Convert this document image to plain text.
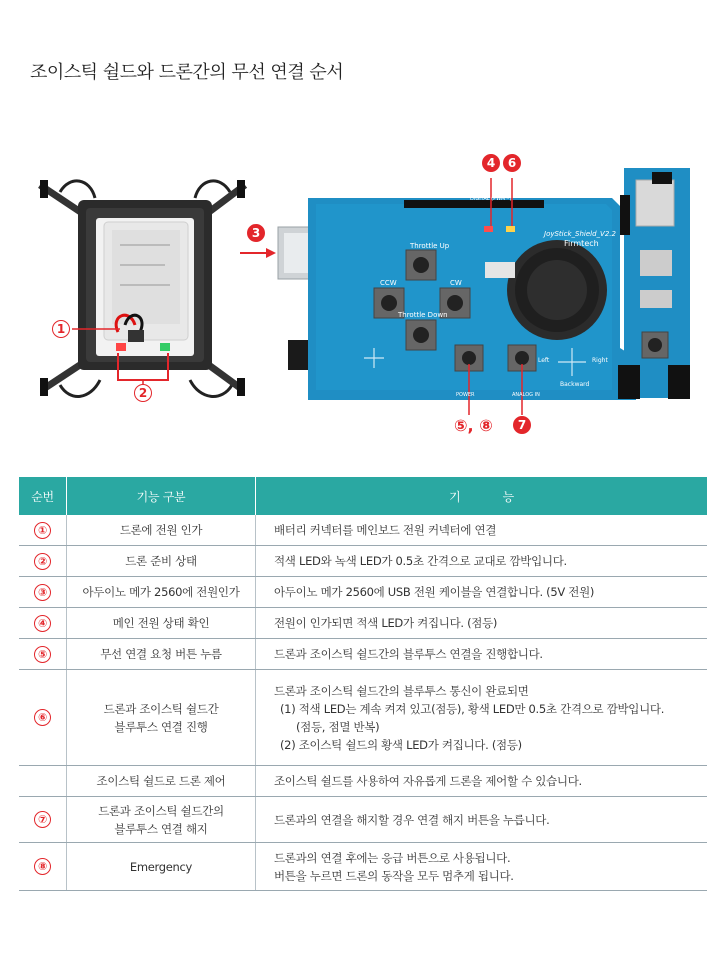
조이스틱 쉴드와 드론간의 무선 연결 순서
Throttle Up
CCW	CW
Throttle Down
JoyStick_Shield_V2.2
Firmtech
Left	Right
Backward
POWER	ANALOG IN
DIGITAL (PWM~)
1
2
3
4 6
⑤, ⑧ 7
순번	기능 구분	기            능
①	드론에 전원 인가	배터리 커넥터를 메인보드 전원 커넥터에 연결

②	드론 준비 상태	적색 LED와 녹색 LED가 0.5초 간격으로 교대로 깜박입니다.

③	아두이노 메가 2560에 전원인가	아두이노 메가 2560에 USB 전원 케이블을 연결합니다. (5V 전원)

④	메인 전원 상태 확인	전원이 인가되면 적색 LED가 켜집니다. (점등)

⑤	무선 연결 요청 버튼 누름	드론과 조이스틱 쉴드간의 블루투스 연결을 진행합니다.

⑥	드론과 조이스틱 쉴드간
블루투스 연결 진행	드론과 조이스틱 쉴드간의 블루투스 통신이 완료되면
(1) 적색 LED는 계속 켜져 있고(점등), 황색 LED만 0.5초 간격으로 깜박입니다.
(점등, 점멸 반복)
(2) 조이스틱 쉴드의 황색 LED가 켜집니다. (점등)

	조이스틱 쉴드로 드론 제어	조이스틱 쉴드를 사용하여 자유롭게 드론을 제어할 수 있습니다.

⑦	드론과 조이스틱 쉴드간의
블루투스 연결 해지	드론과의 연결을 해지할 경우 연결 해지 버튼을 누릅니다.

⑧	Emergency	드론과의 연결 후에는 응급 버튼으로 사용됩니다.
버튼을 누르면 드론의 동작을 모두 멈추게 됩니다.
